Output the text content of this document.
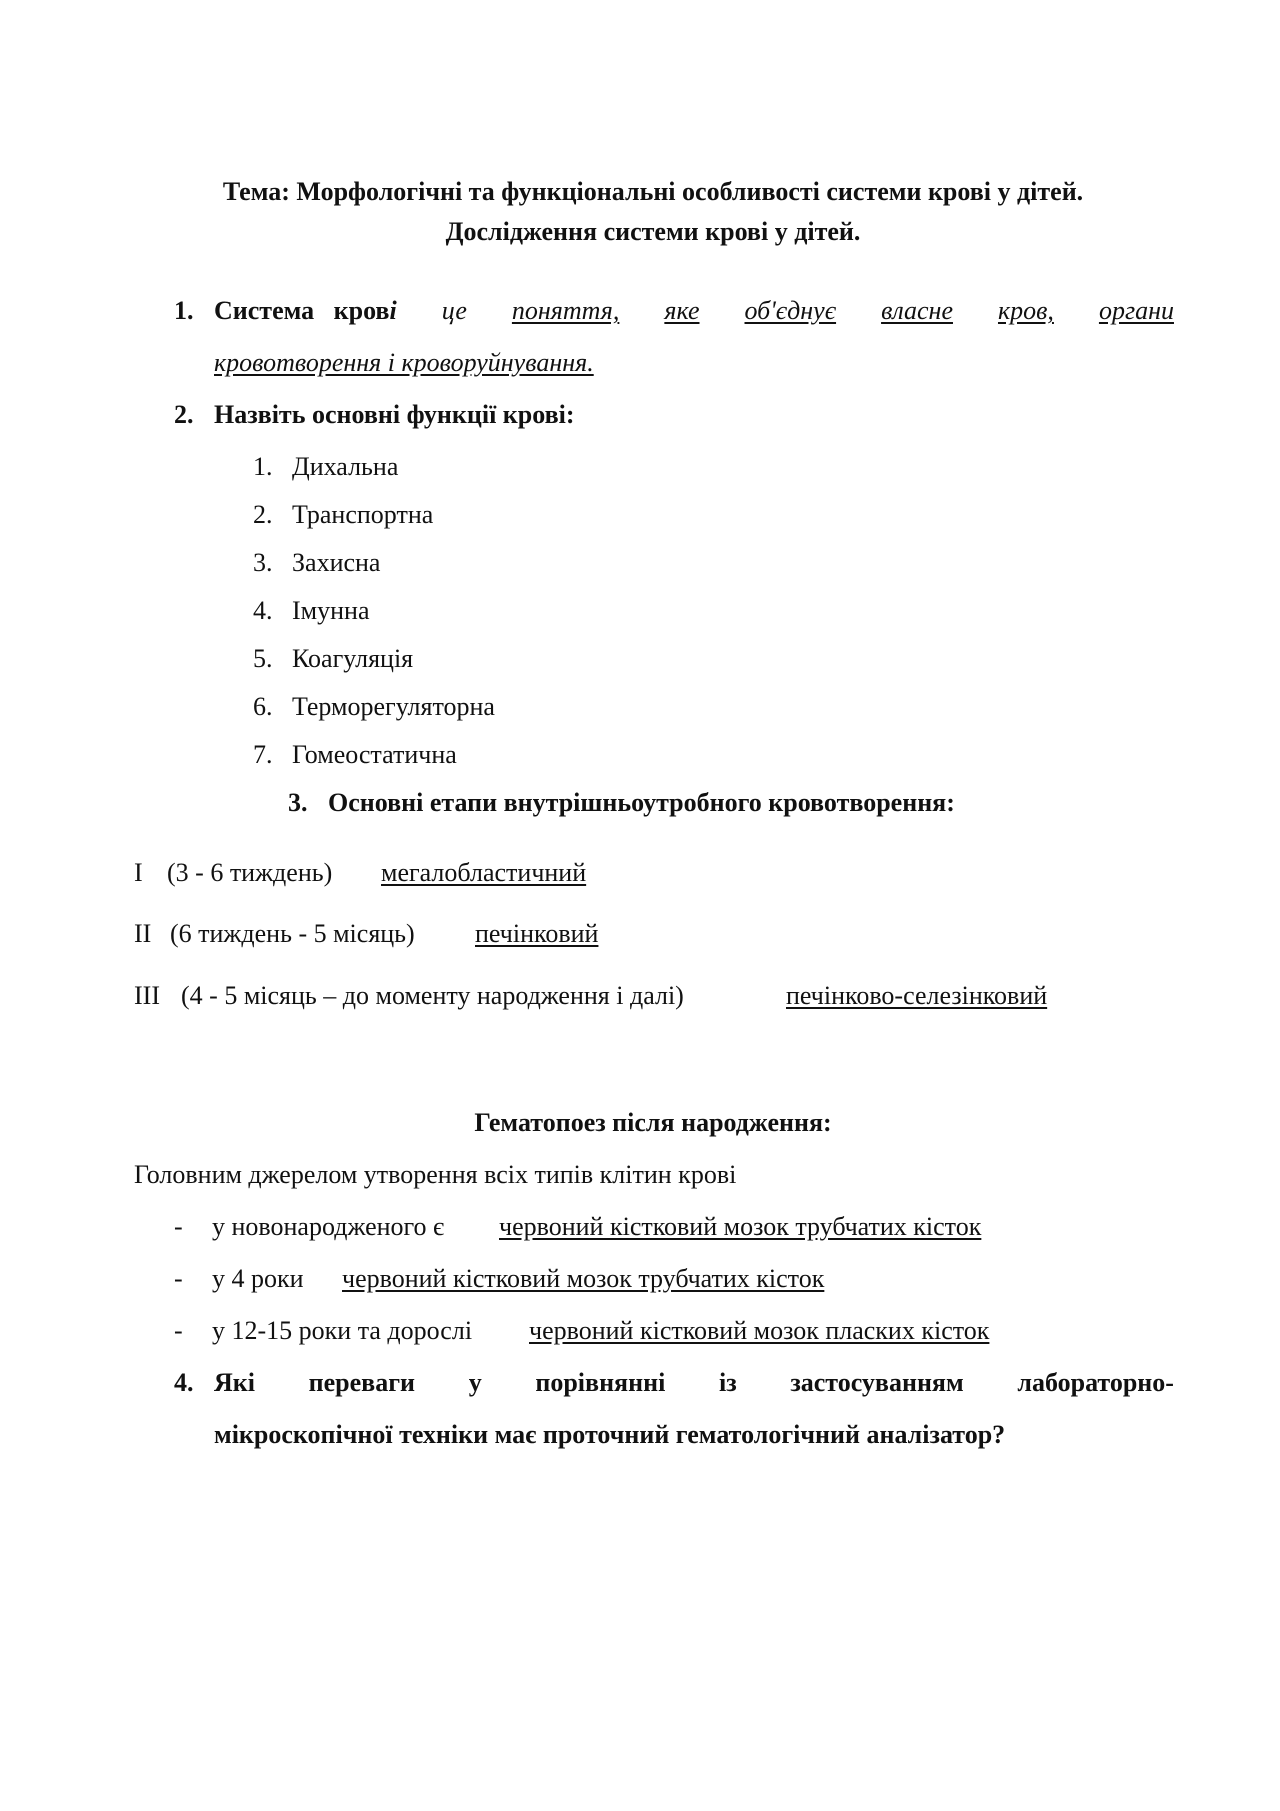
Тема: Морфологічні та функціональні особливості системи крові у дітей.
Дослідження системи крові у дітей.
1. Система крові це поняття, яке об'єднує власне кров, органи
кровотворення і кроворуйнування.
2. Назвіть основні функції крові:
1. Дихальна
2. Транспортна
3. Захисна
4. Імунна
5. Коагуляція
6. Терморегуляторна
7. Гомеостатична
3. Основні етапи внутрішньоутробного кровотворення:
I (3 - 6 тиждень) мегалобластичний
II (6 тиждень - 5 місяць) печінковий
III (4 - 5 місяць – до моменту народження і далі)	печінково-селезінковий
Гематопоез після народження:
Головним джерелом утворення всіх типів клітин крові
- у новонародженого є червоний кістковий мозок трубчатих кісток
- у 4 роки червоний кістковий мозок трубчатих кісток
- у 12-15 роки та дорослі червоний кістковий мозок пласких кісток
4. Які переваги у порівнянні із застосуванням лабораторно-
мікроскопічної техніки має проточний гематологічний аналізатор?
